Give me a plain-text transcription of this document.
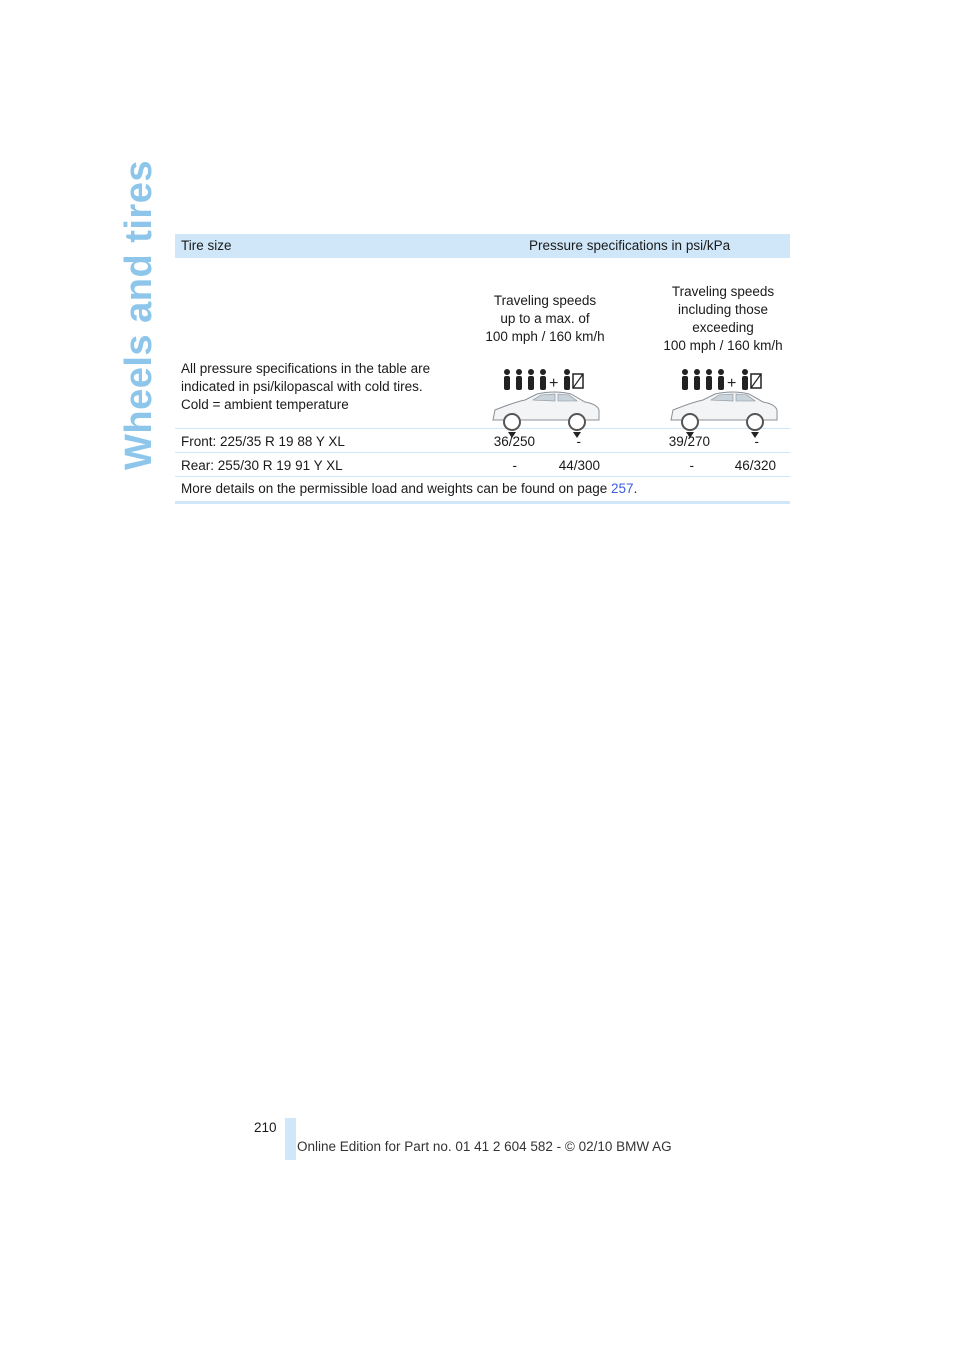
Wheels and tires Tire size	Pressure specifications in psi/kPa
All pressure specifications in the table are indicated in psi/kilopascal with cold tires. Cold = ambient temperature
Traveling speeds
up to a max. of
100 mph / 160 km/h
Traveling speeds
including those
exceeding
100 mph / 160 km/h
+	+
Front: 225/35 R 19 88 Y XL	36/250	-	39/270	-
Rear: 255/30 R 19 91 Y XL	-	44/300	-	46/320
More details on the permissible load and weights can be found on page 257.
210
Online Edition for Part no. 01 41 2 604 582 - © 02/10 BMW AG
